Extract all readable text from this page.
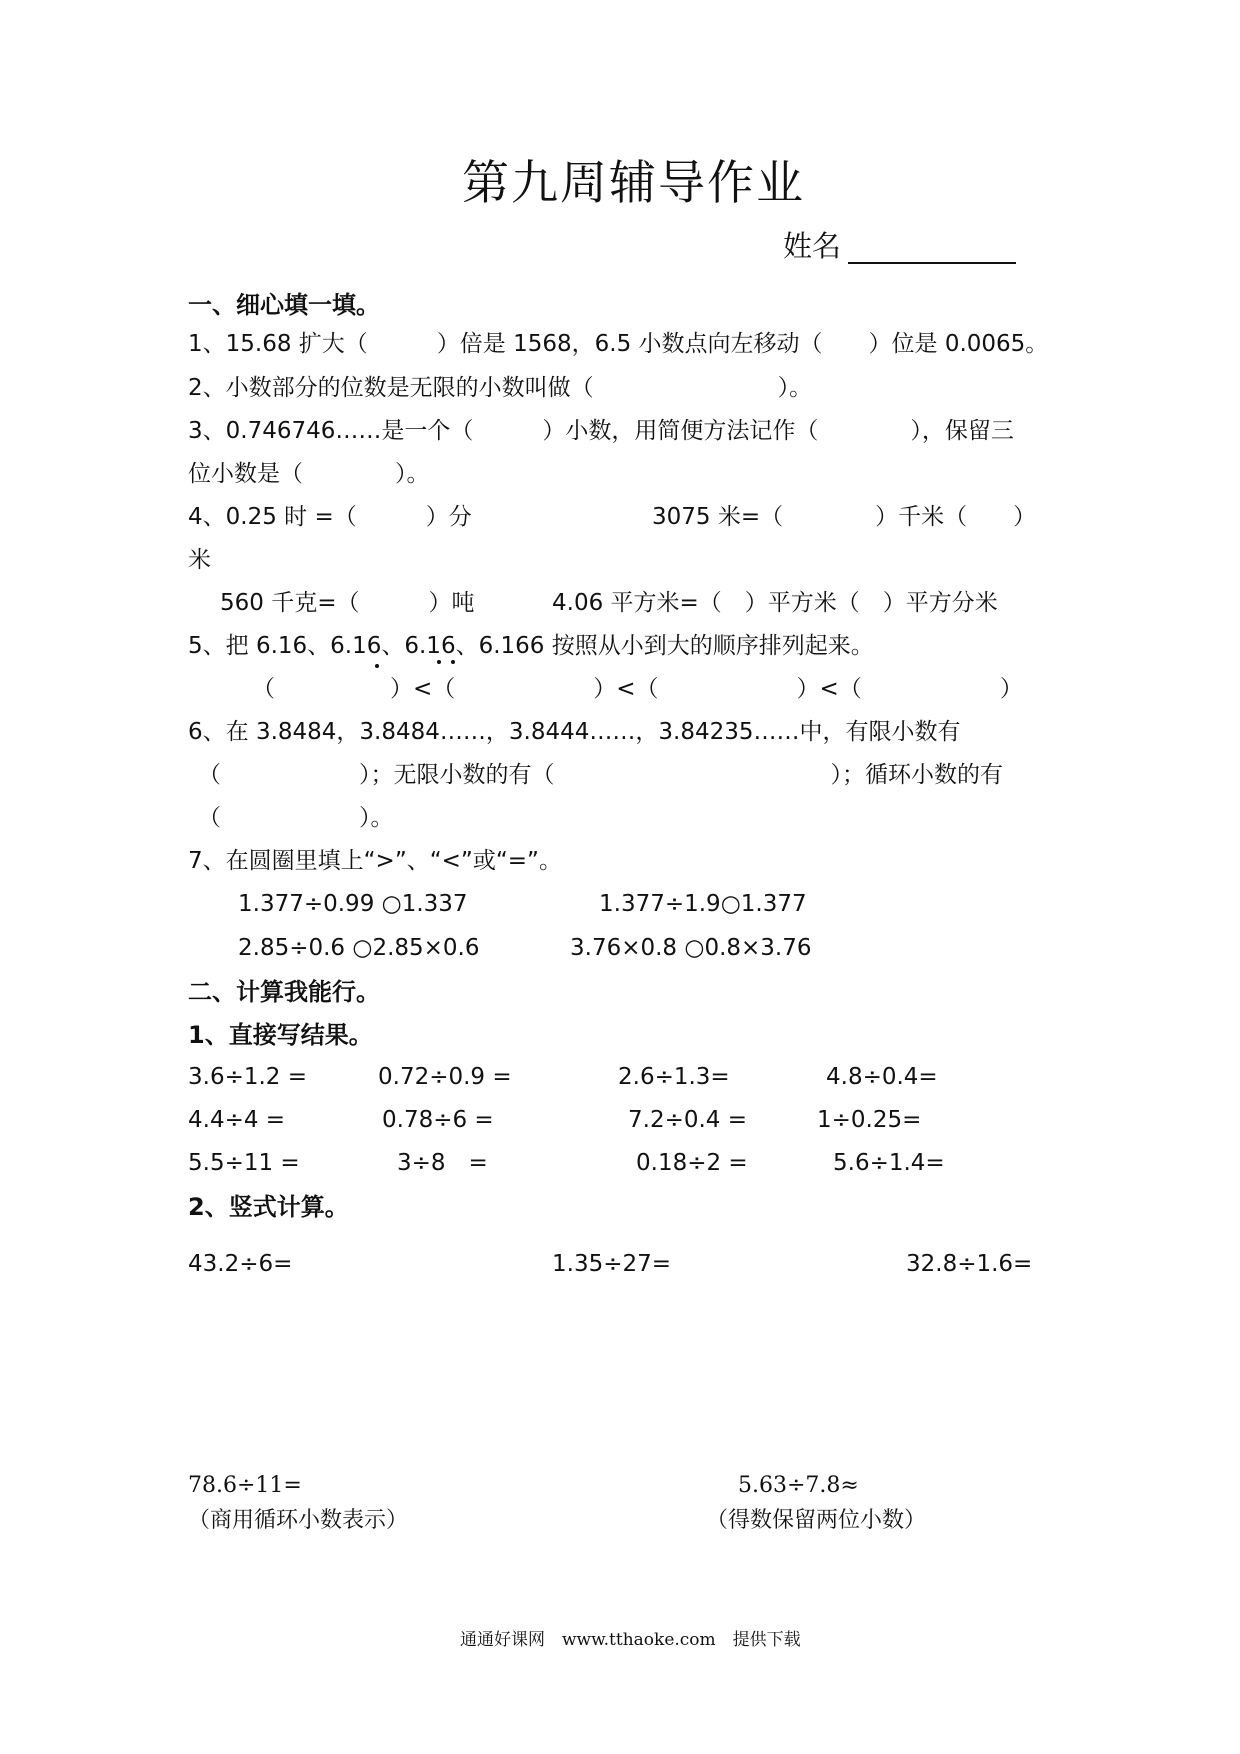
第九周辅导作业
姓名
一、细心填一填。
1、15.68 扩大（　　　）倍是 1568，6.5 小数点向左移动（　　）位是 0.0065。
2、小数部分的位数是无限的小数叫做（　　　　　　　　）。
3、0.746746……是一个（　　　）小数，用简便方法记作（　　　　），保留三
位小数是（　　　　）。
4、0.25 时 =（　　　）分	3075 米=（　　　　）千米（　　）
米
560 千克=（　　　）吨	4.06 平方米=（　）平方米（　）平方分米
5、把 6.16、6.16、6.16、6.166 按照从小到大的顺序排列起来。
（　　　　　）<（　　　　　　）<（　　　　　　）<（　　　　　　）
6、在 3.8484，3.8484……，3.8444……，3.84235……中，有限小数有
（　　　　　　）；无限小数的有（　　　　　　　　　　　　）；循环小数的有
（　　　　　　）。
7、在圆圈里填上“>”、“<”或“=”。
1.377÷0.99 ○1.337	1.377÷1.9○1.377
2.85÷0.6 ○2.85×0.6	3.76×0.8 ○0.8×3.76
二、计算我能行。
1、直接写结果。
3.6÷1.2 =	0.72÷0.9 =	2.6÷1.3=	4.8÷0.4=
4.4÷4 =	0.78÷6 =	7.2÷0.4 =	1÷0.25=
5.5÷11 =	3÷8　=	0.18÷2 =	5.6÷1.4=
2、竖式计算。
43.2÷6=	1.35÷27=	32.8÷1.6=
78.6÷11=
（商用循环小数表示）
5.63÷7.8≈
（得数保留两位小数）
通通好课网　www.tthaoke.com　提供下载
